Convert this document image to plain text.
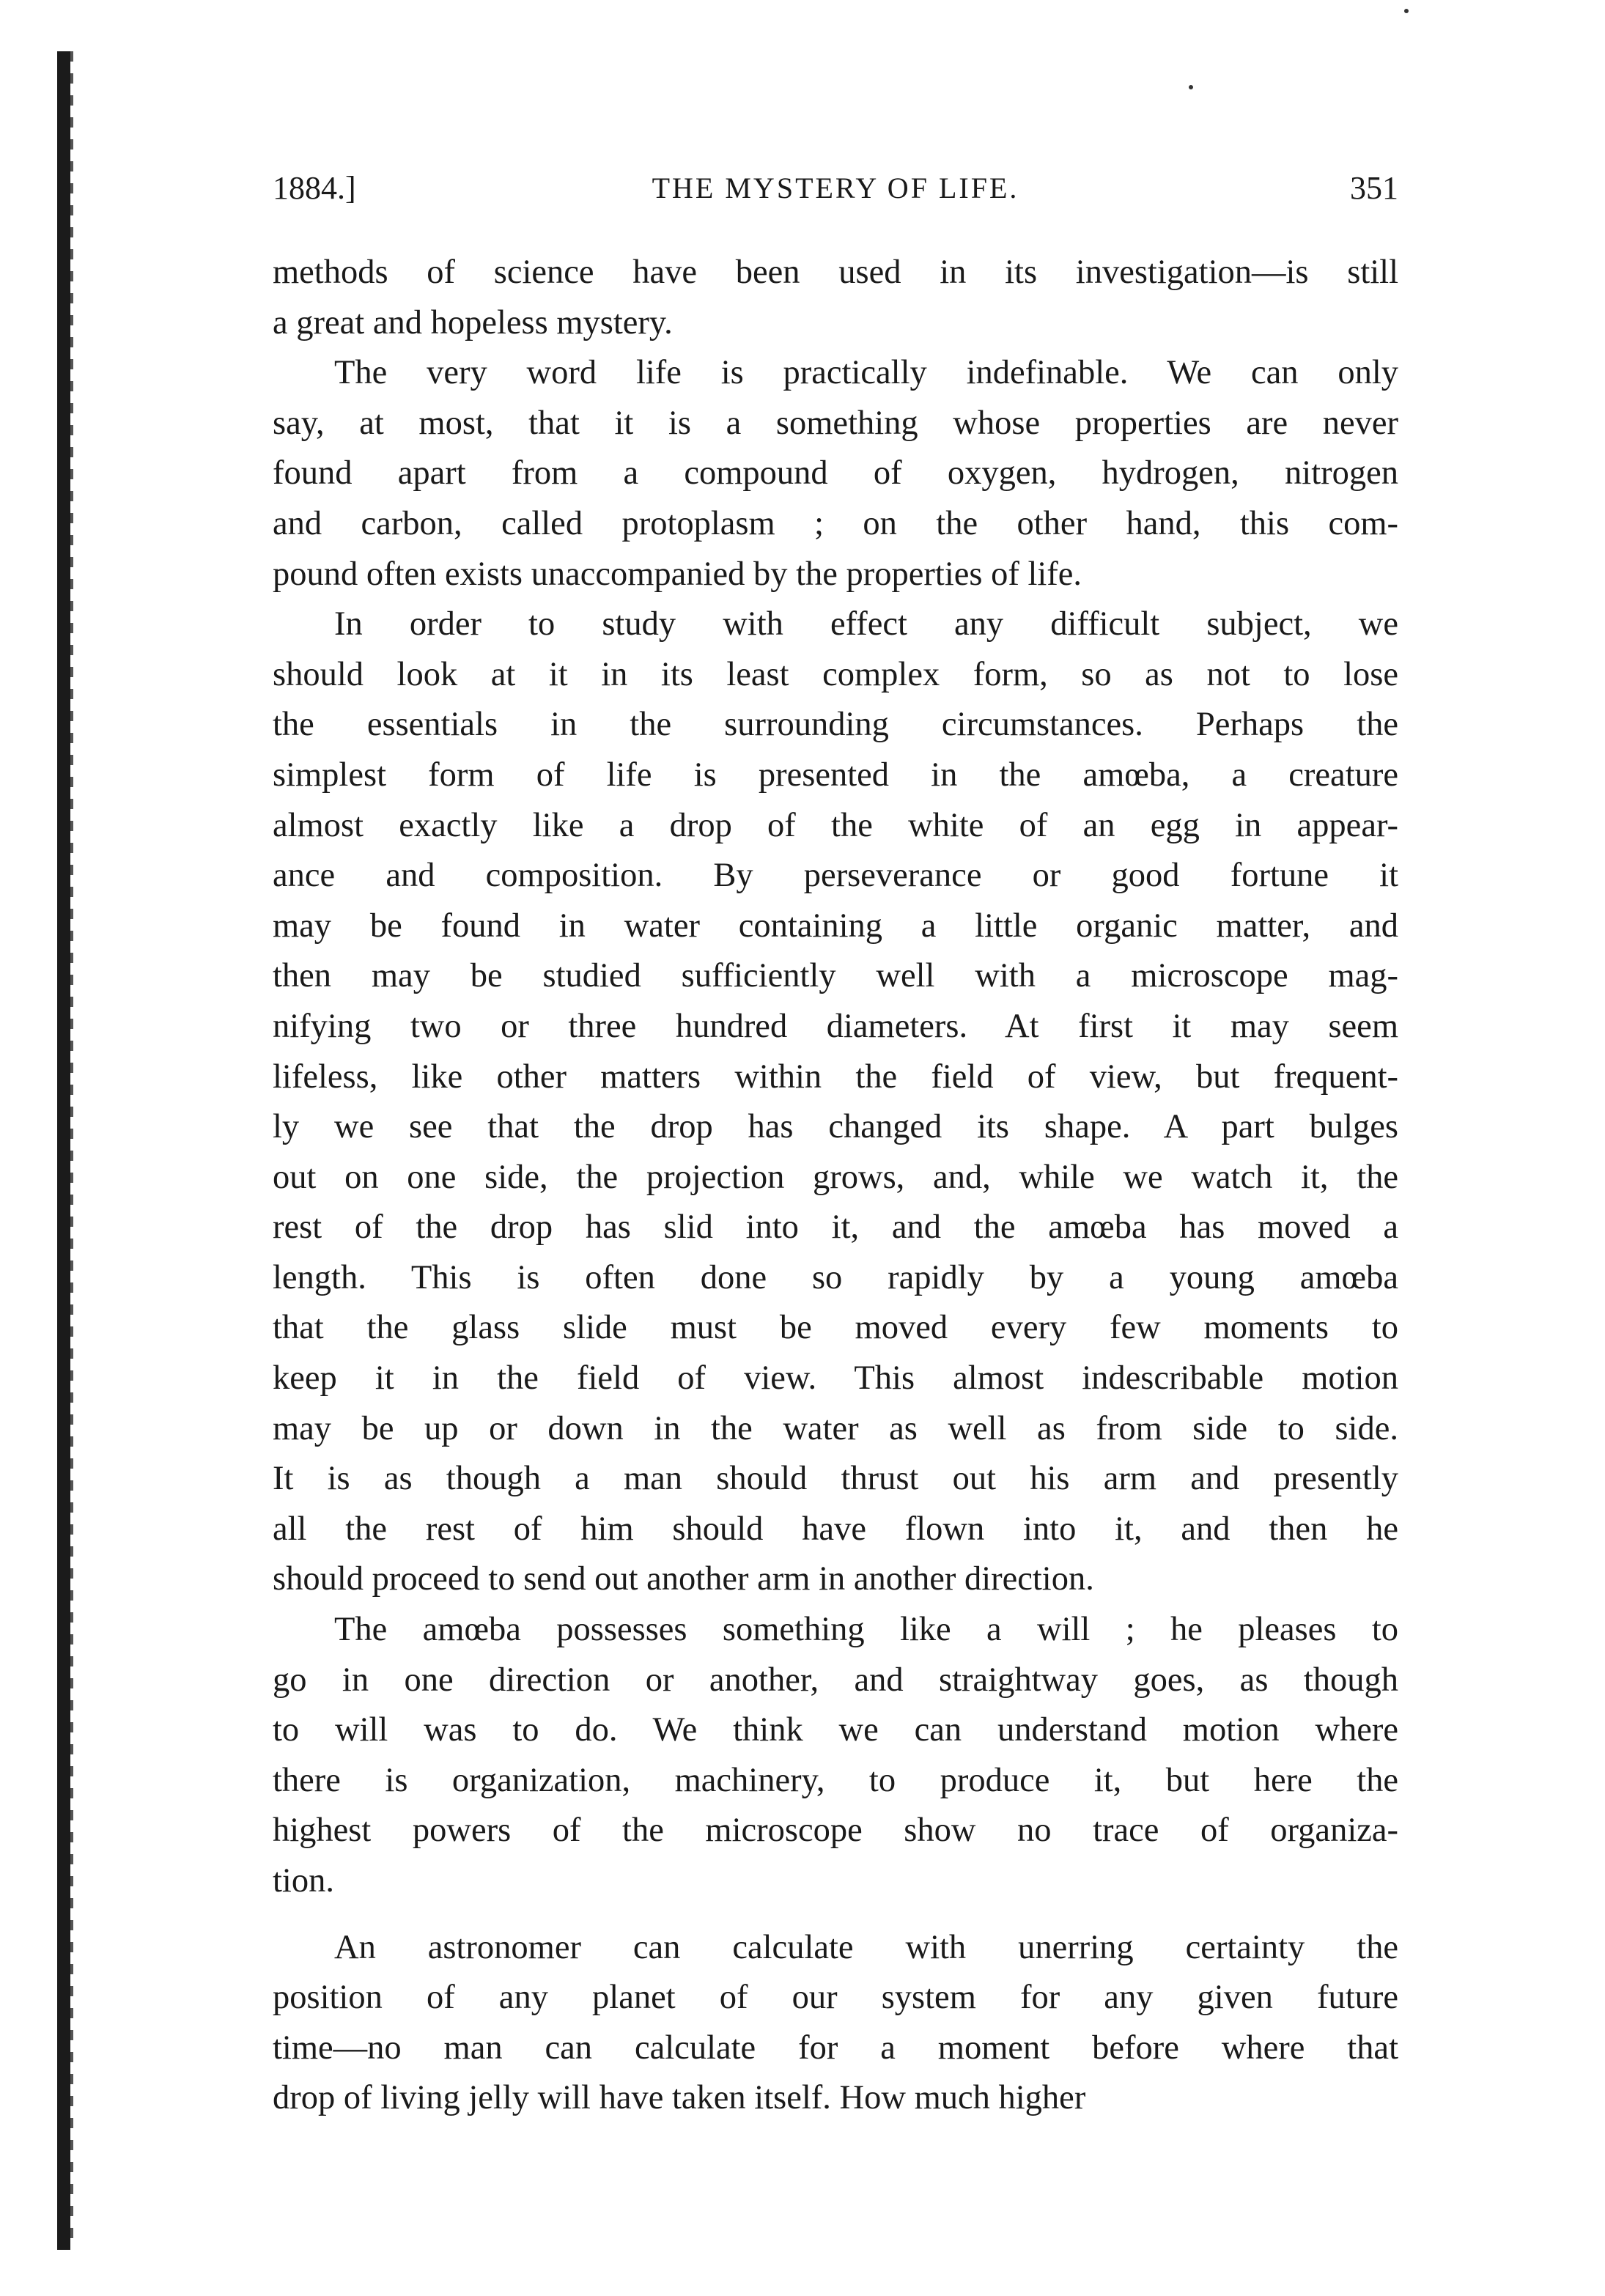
1884.]	THE MYSTERY OF LIFE.	351
methods of science have been used in its investigation—is still
a great and hopeless mystery.
The very word life is practically indefinable. We can only
say, at most, that it is a something whose properties are never
found apart from a compound of oxygen, hydrogen, nitrogen
and carbon, called protoplasm ; on the other hand, this com-
pound often exists unaccompanied by the properties of life.
In order to study with effect any difficult subject, we
should look at it in its least complex form, so as not to lose
the essentials in the surrounding circumstances. Perhaps the
simplest form of life is presented in the amœba, a creature
almost exactly like a drop of the white of an egg in appear-
ance and composition. By perseverance or good fortune it
may be found in water containing a little organic matter, and
then may be studied sufficiently well with a microscope mag-
nifying two or three hundred diameters. At first it may seem
lifeless, like other matters within the field of view, but frequent-
ly we see that the drop has changed its shape. A part bulges
out on one side, the projection grows, and, while we watch it, the
rest of the drop has slid into it, and the amœba has moved a
length. This is often done so rapidly by a young amœba
that the glass slide must be moved every few moments to
keep it in the field of view. This almost indescribable motion
may be up or down in the water as well as from side to side.
It is as though a man should thrust out his arm and presently
all the rest of him should have flown into it, and then he
should proceed to send out another arm in another direction.
The amœba possesses something like a will ; he pleases to
go in one direction or another, and straightway goes, as though
to will was to do. We think we can understand motion where
there is organization, machinery, to produce it, but here the
highest powers of the microscope show no trace of organiza-
tion.
An astronomer can calculate with unerring certainty the
position of any planet of our system for any given future
time—no man can calculate for a moment before where that
drop of living jelly will have taken itself. How much higher
